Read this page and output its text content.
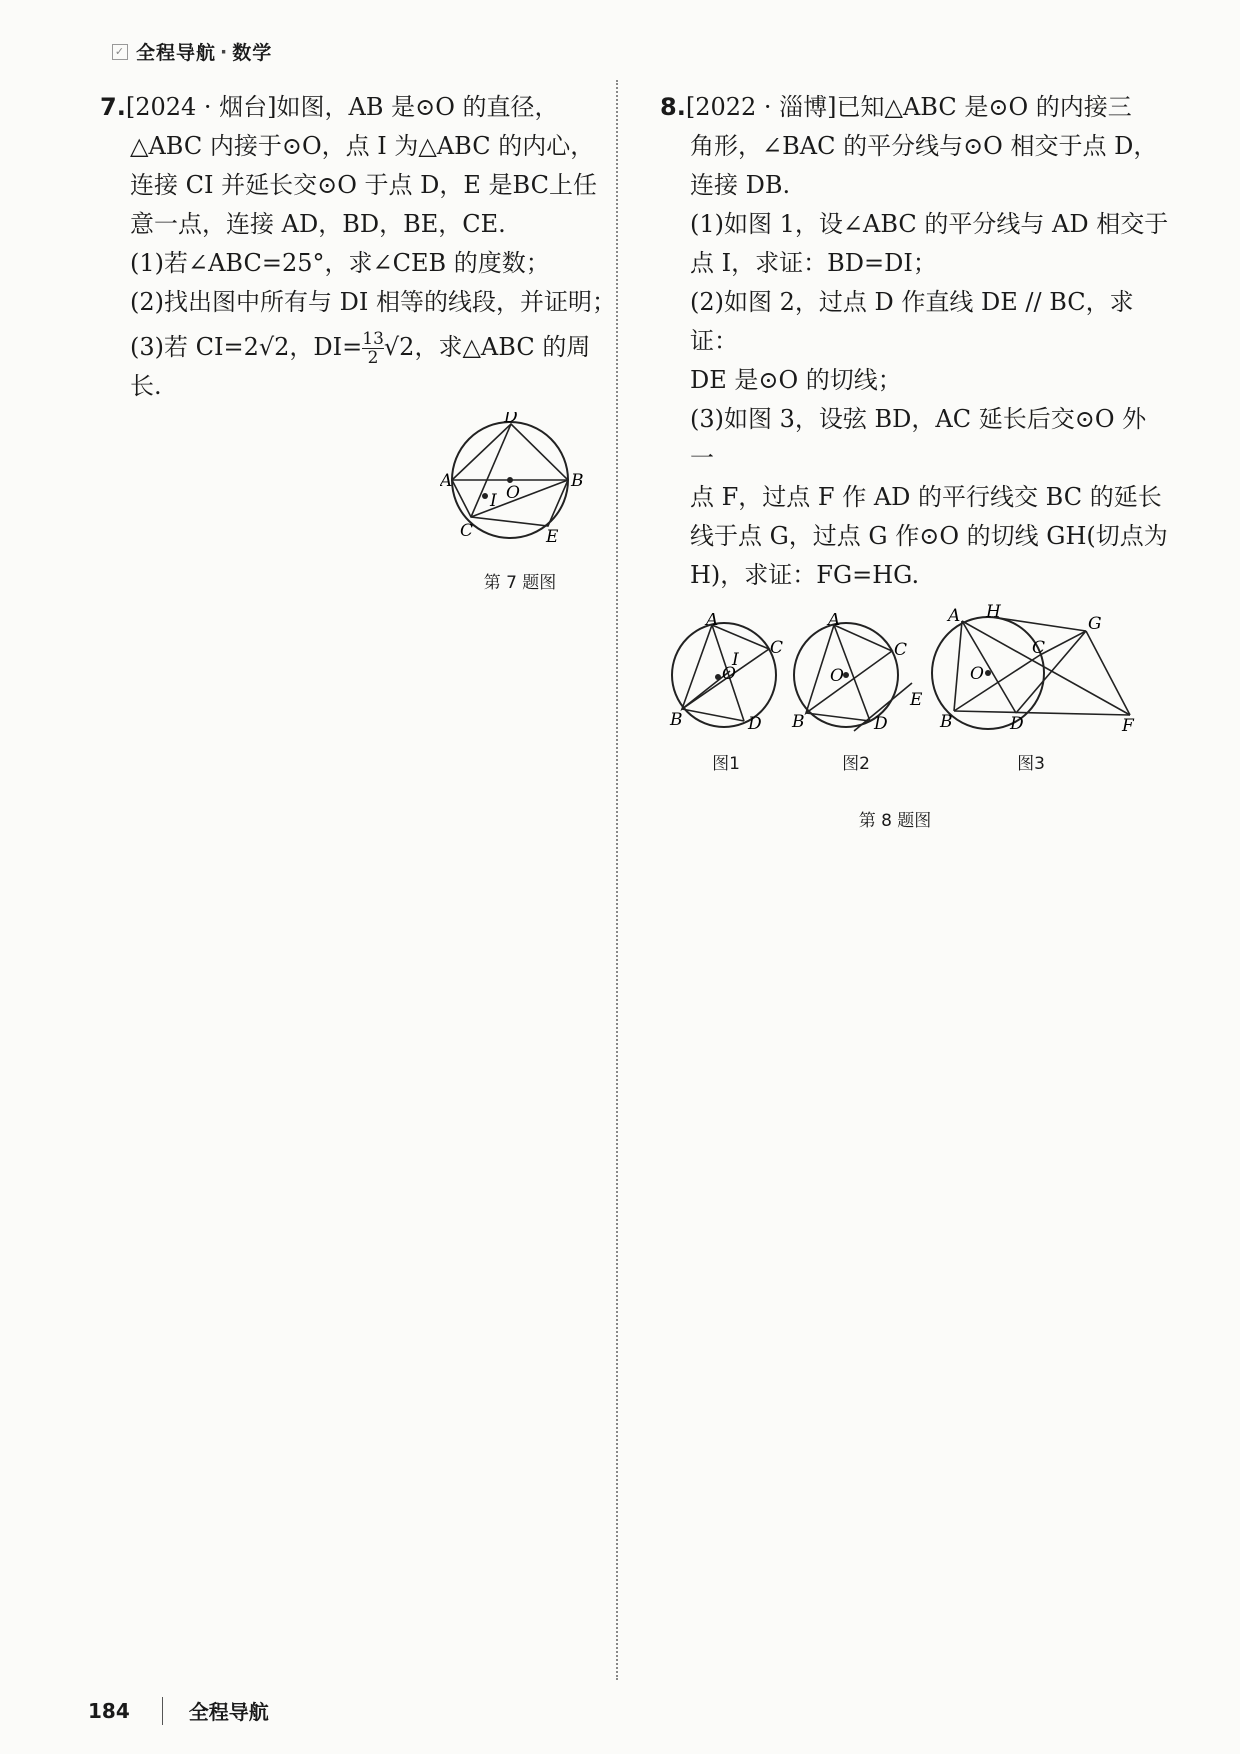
✓ 全程导航 · 数学

7.[2024 · 烟台]如图，AB 是⊙O 的直径，

△ABC 内接于⊙O，点 I 为△ABC 的内心，

连接 CI 并延长交⊙O 于点 D，E 是BC上任

意一点，连接 AD，BD，BE，CE.

(1)若∠ABC=25°，求∠CEB 的度数；

(2)找出图中所有与 DI 相等的线段，并证明；

(3)若 CI=2√2，$DI= \frac{13}{2} √2$，求△ABC 的周长.

D
A	B
C	E
I O
第 7 题图

8.[2022 · 淄博]已知△ABC 是⊙O 的内接三

角形，∠BAC 的平分线与⊙O 相交于点 D，

连接 DB.

(1)如图 1，设∠ABC 的平分线与 AD 相交于

点 I，求证：BD=DI；

(2)如图 2，过点 D 作直线 DE // BC，求证：

DE 是⊙O 的切线；

(3)如图 3，设弦 BD，AC 延长后交⊙O 外一

点 F，过点 F 作 AD 的平行线交 BC 的延长

线于点 G，过点 G 作⊙O 的切线 GH(切点为

H)，求证：FG=HG.

A
C
B	D
I
O
图1
A
C
B	D
E
O
图2
A H
G
C
B	D	F
O
图3
第 8 题图
184	全程导航
